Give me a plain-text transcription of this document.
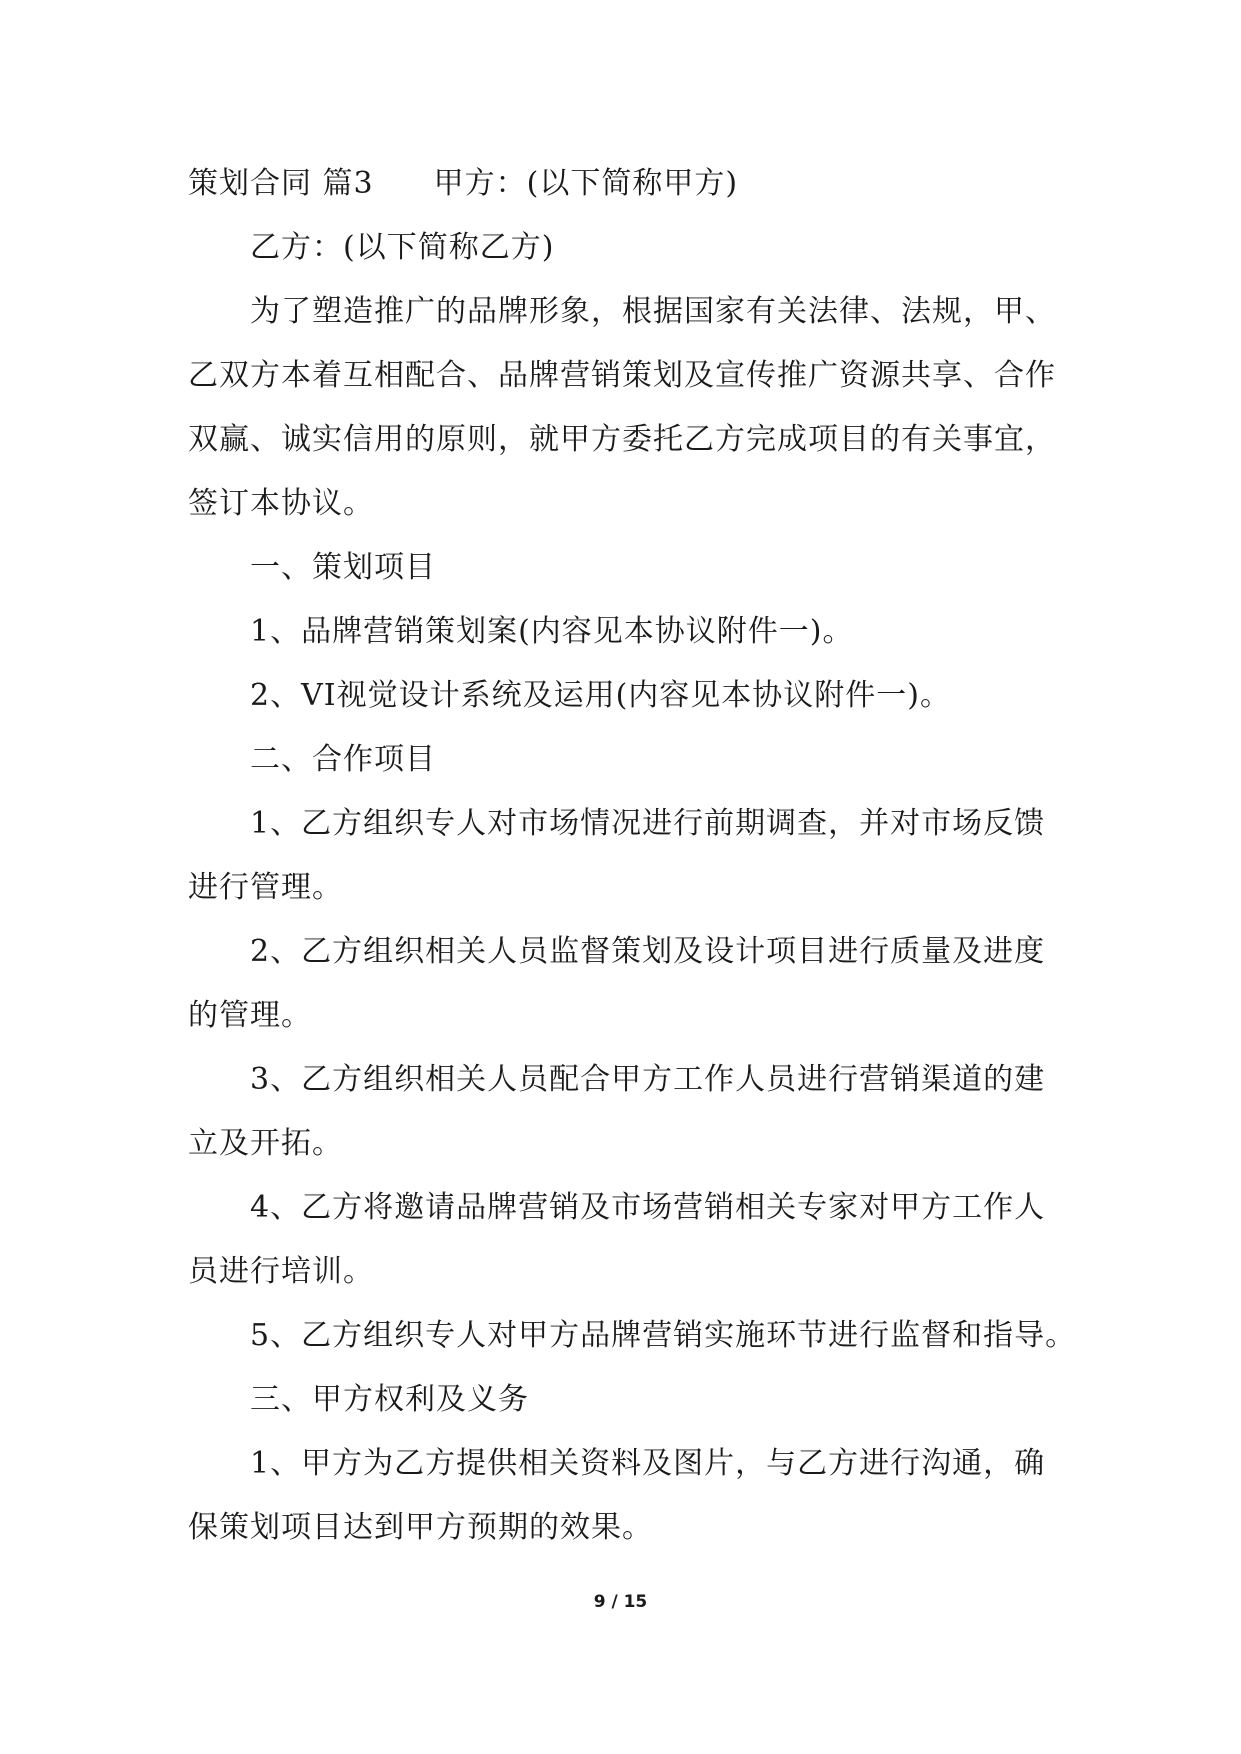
策划合同 篇3 甲方：(以下简称甲方)

乙方：(以下简称乙方)

为了塑造推广的品牌形象，根据国家有关法律、法规，甲、

乙双方本着互相配合、品牌营销策划及宣传推广资源共享、合作

双赢、诚实信用的原则，就甲方委托乙方完成项目的有关事宜，

签订本协议。

一、策划项目

1、品牌营销策划案(内容见本协议附件一)。

2、VI视觉设计系统及运用(内容见本协议附件一)。

二、合作项目

1、乙方组织专人对市场情况进行前期调查，并对市场反馈

进行管理。

2、乙方组织相关人员监督策划及设计项目进行质量及进度

的管理。

3、乙方组织相关人员配合甲方工作人员进行营销渠道的建

立及开拓。

4、乙方将邀请品牌营销及市场营销相关专家对甲方工作人

员进行培训。

5、乙方组织专人对甲方品牌营销实施环节进行监督和指导。

三、甲方权利及义务

1、甲方为乙方提供相关资料及图片，与乙方进行沟通，确

保策划项目达到甲方预期的效果。

9 / 15
